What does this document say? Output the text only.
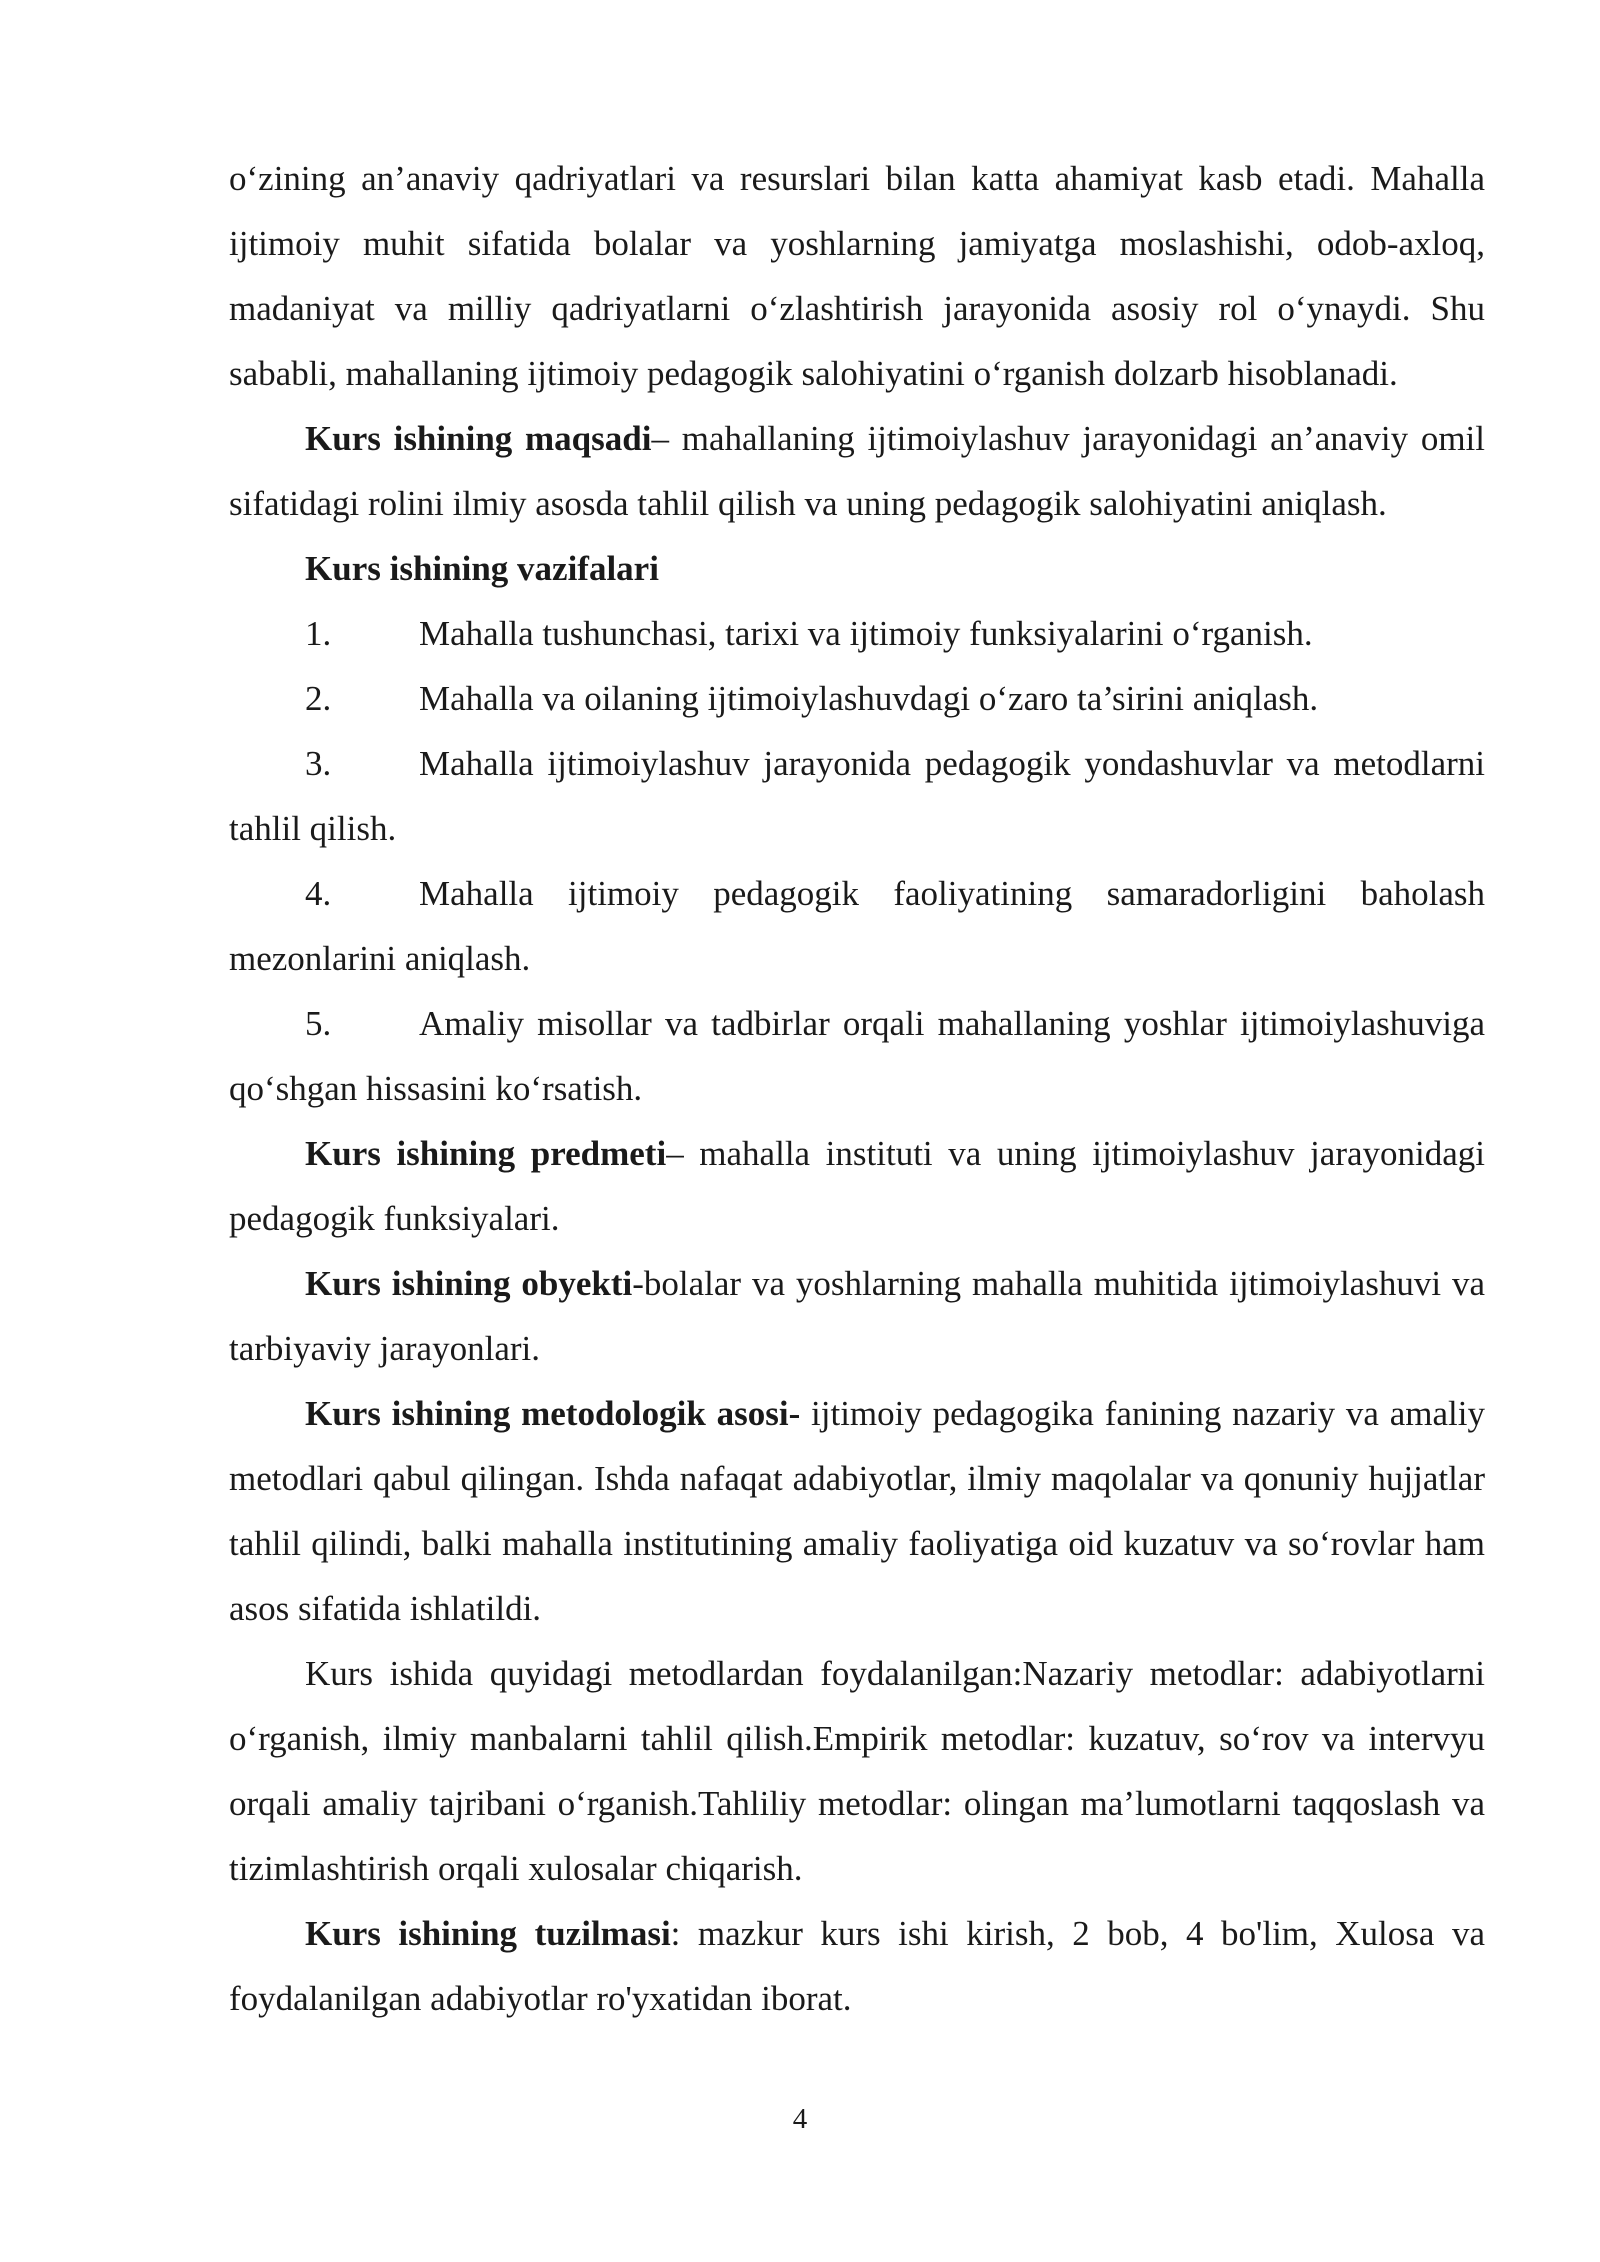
o‘zining an’anaviy qadriyatlari va resurslari bilan katta ahamiyat kasb etadi. Mahalla ijtimoiy muhit sifatida bolalar va yoshlarning jamiyatga moslashishi, odob-axloq, madaniyat va milliy qadriyatlarni o‘zlashtirish jarayonida asosiy rol o‘ynaydi. Shu sababli, mahallaning ijtimoiy pedagogik salohiyatini o‘rganish dolzarb hisoblanadi.

Kurs ishining maqsadi– mahallaning ijtimoiylashuv jarayonidagi an’anaviy omil sifatidagi rolini ilmiy asosda tahlil qilish va uning pedagogik salohiyatini aniqlash.

Kurs ishining vazifalari

1.	Mahalla tushunchasi, tarixi va ijtimoiy funksiyalarini o‘rganish.

2.	Mahalla va oilaning ijtimoiylashuvdagi o‘zaro ta’sirini aniqlash.

3.	Mahalla ijtimoiylashuv jarayonida pedagogik yondashuvlar va metodlarni tahlil qilish.

4.	Mahalla ijtimoiy pedagogik faoliyatining samaradorligini baholash mezonlarini aniqlash.

5.	Amaliy misollar va tadbirlar orqali mahallaning yoshlar ijtimoiylashuviga qo‘shgan hissasini ko‘rsatish.

Kurs ishining predmeti– mahalla instituti va uning ijtimoiylashuv jarayonidagi pedagogik funksiyalari.

Kurs ishining obyekti-bolalar va yoshlarning mahalla muhitida ijtimoiylashuvi va tarbiyaviy jarayonlari.

Kurs ishining metodologik asosi- ijtimoiy pedagogika fanining nazariy va amaliy metodlari qabul qilingan. Ishda nafaqat adabiyotlar, ilmiy maqolalar va qonuniy hujjatlar tahlil qilindi, balki mahalla institutining amaliy faoliyatiga oid kuzatuv va so‘rovlar ham asos sifatida ishlatildi.

Kurs ishida quyidagi metodlardan foydalanilgan:Nazariy metodlar: adabiyotlarni o‘rganish, ilmiy manbalarni tahlil qilish.Empirik metodlar: kuzatuv, so‘rov va intervyu orqali amaliy tajribani o‘rganish.Tahliliy metodlar: olingan ma’lumotlarni taqqoslash va tizimlashtirish orqali xulosalar chiqarish.

Kurs ishining tuzilmasi: mazkur kurs ishi kirish, 2 bob, 4 bo'lim, Xulosa va foydalanilgan adabiyotlar ro'yxatidan iborat.

4
